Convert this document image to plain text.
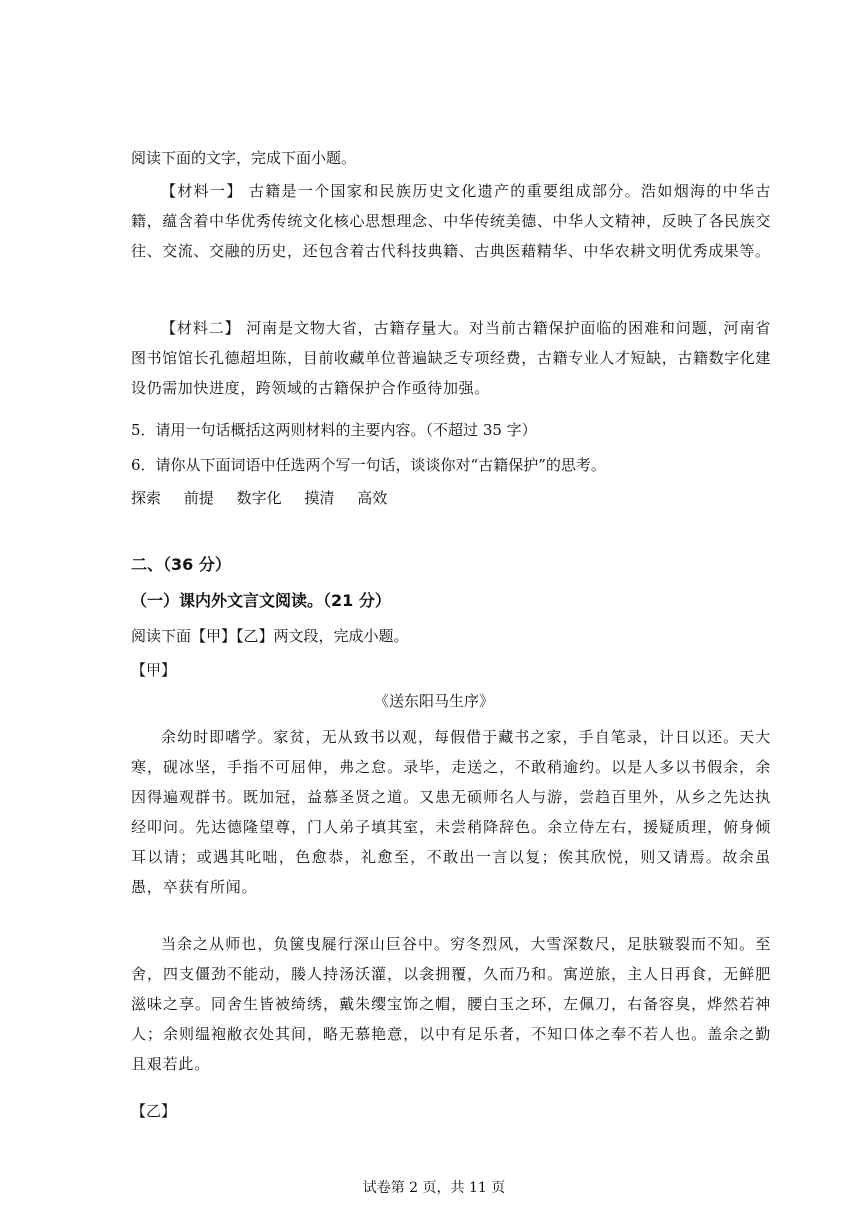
阅读下面的文字，完成下面小题。
【材料一】 古籍是一个国家和民族历史文化遗产的重要组成部分。浩如烟海的中华古籍，蕴含着中华优秀传统文化核心思想理念、中华传统美德、中华人文精神，反映了各民族交往、交流、交融的历史，还包含着古代科技典籍、古典医藉精华、中华农耕文明优秀成果等。
【材料二】 河南是文物大省，古籍存量大。对当前古籍保护面临的困难和问题，河南省图书馆馆长孔德超坦陈，目前收藏单位普遍缺乏专项经费，古籍专业人才短缺，古籍数字化建设仍需加快进度，跨领域的古籍保护合作亟待加强。
5．请用一句话概括这两则材料的主要内容。（不超过 35 字）
6．请你从下面词语中任选两个写一句话，谈谈你对“古籍保护”的思考。
探索 前提 数字化 摸清 高效
二、（36 分）
（一）课内外文言文阅读。（21 分）
阅读下面【甲】【乙】两文段，完成小题。
【甲】
《送东阳马生序》
余幼时即嗜学。家贫，无从致书以观，每假借于藏书之家，手自笔录，计日以还。天大寒，砚冰坚，手指不可屈伸，弗之怠。录毕，走送之，不敢稍逾约。以是人多以书假余，余因得遍观群书。既加冠，益慕圣贤之道。又患无硕师名人与游，尝趋百里外，从乡之先达执经叩问。先达德隆望尊，门人弟子填其室，未尝稍降辞色。余立侍左右，援疑质理，俯身倾耳以请；或遇其叱咄，色愈恭，礼愈至，不敢出一言以复；俟其欣悦，则又请焉。故余虽愚，卒获有所闻。
当余之从师也，负箧曳屣行深山巨谷中。穷冬烈风，大雪深数尺，足肤皲裂而不知。至舍，四支僵劲不能动，媵人持汤沃灌，以衾拥覆，久而乃和。寓逆旅，主人日再食，无鲜肥滋味之享。同舍生皆被绮绣，戴朱缨宝饰之帽，腰白玉之环，左佩刀，右备容臭，烨然若神人；余则缊袍敝衣处其间，略无慕艳意，以中有足乐者，不知口体之奉不若人也。盖余之勤且艰若此。
【乙】
试卷第 2 页，共 11 页
